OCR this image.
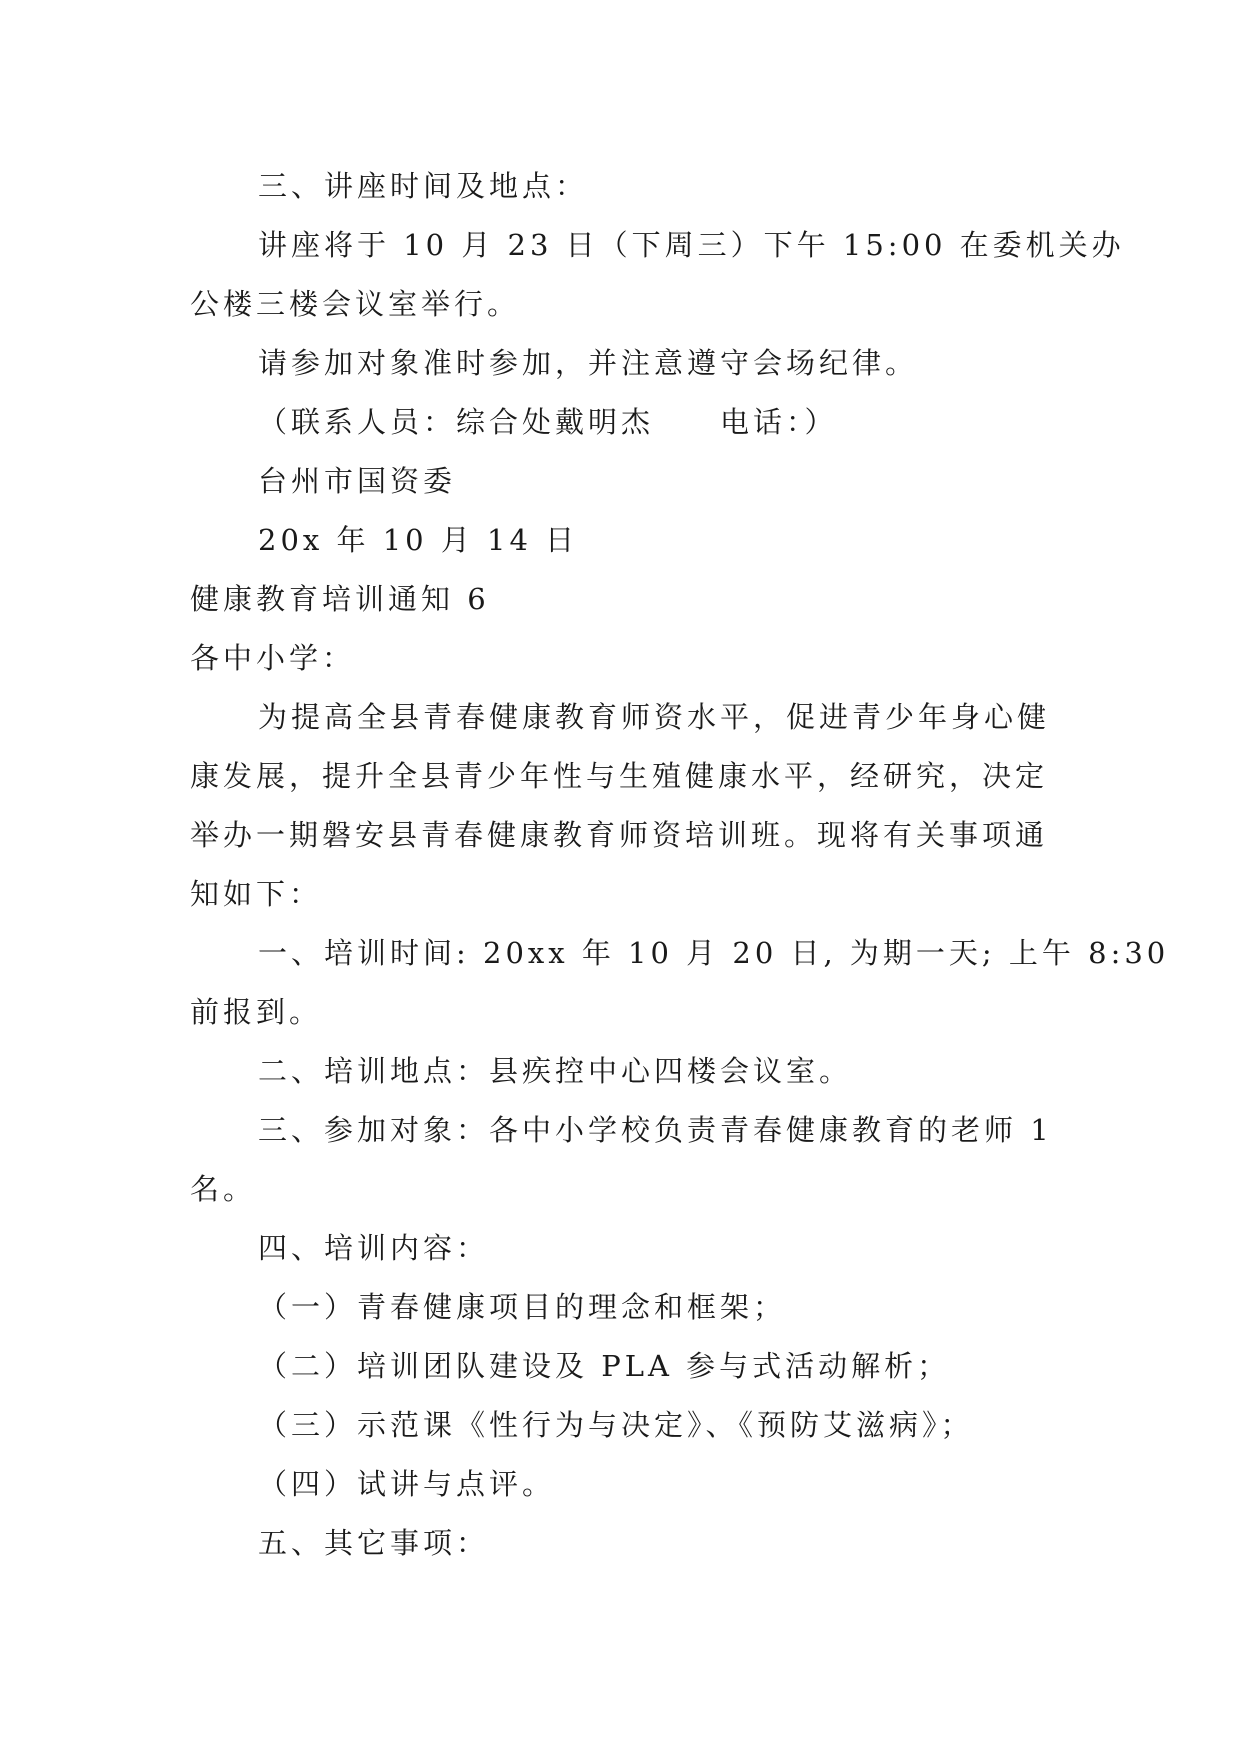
三、讲座时间及地点：

讲座将于 10 月 23 日（下周三）下午 15:00 在委机关办

公楼三楼会议室举行。

请参加对象准时参加，并注意遵守会场纪律。

（联系人员：综合处戴明杰　　电话：）

台州市国资委

20x 年 10 月 14 日

健康教育培训通知 6

各中小学：

为提高全县青春健康教育师资水平，促进青少年身心健

康发展，提升全县青少年性与生殖健康水平，经研究，决定

举办一期磐安县青春健康教育师资培训班。现将有关事项通

知如下：

一、培训时间: 20xx 年 10 月 20 日, 为期一天; 上午 8:30

前报到。

二、培训地点：县疾控中心四楼会议室。

三、参加对象：各中小学校负责青春健康教育的老师 1

名。

四、培训内容：

（一）青春健康项目的理念和框架；

（二）培训团队建设及 PLA 参与式活动解析；

（三）示范课《性行为与决定》、《预防艾滋病》；

（四）试讲与点评。

五、其它事项：
